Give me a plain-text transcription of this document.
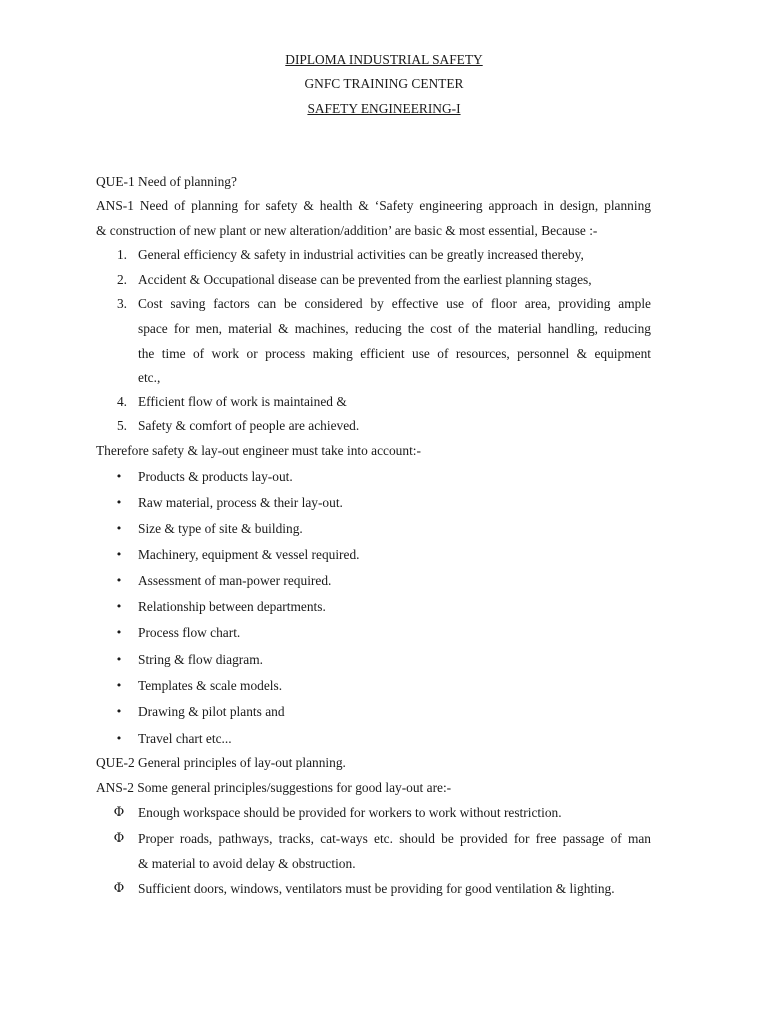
DIPLOMA INDUSTRIAL SAFETY
GNFC TRAINING CENTER
SAFETY ENGINEERING-I
QUE-1 Need of planning?
ANS-1 Need of planning for safety & health & ‘Safety engineering approach in design, planning
& construction of new plant or new alteration/addition’ are basic & most essential, Because :-
1. General efficiency & safety in industrial activities can be greatly increased thereby,
2. Accident & Occupational disease can be prevented from the earliest planning stages,
3. Cost saving factors can be considered by effective use of floor area, providing ample
space for men, material & machines, reducing the cost of the material handling, reducing
the time of work or process making efficient use of resources, personnel & equipment
etc.,
4. Efficient flow of work is maintained &
5. Safety & comfort of people are achieved.
Therefore safety & lay-out engineer must take into account:-
• Products & products lay-out.
• Raw material, process & their lay-out.
• Size & type of site & building.
• Machinery, equipment & vessel required.
• Assessment of man-power required.
• Relationship between departments.
• Process flow chart.
• String & flow diagram.
• Templates & scale models.
• Drawing & pilot plants and
• Travel chart etc...
QUE-2 General principles of lay-out planning.
ANS-2 Some general principles/suggestions for good lay-out are:-
Φ Enough workspace should be provided for workers to work without restriction.
Φ Proper roads, pathways, tracks, cat-ways etc. should be provided for free passage of man
& material to avoid delay & obstruction.
Φ Sufficient doors, windows, ventilators must be providing for good ventilation & lighting.
